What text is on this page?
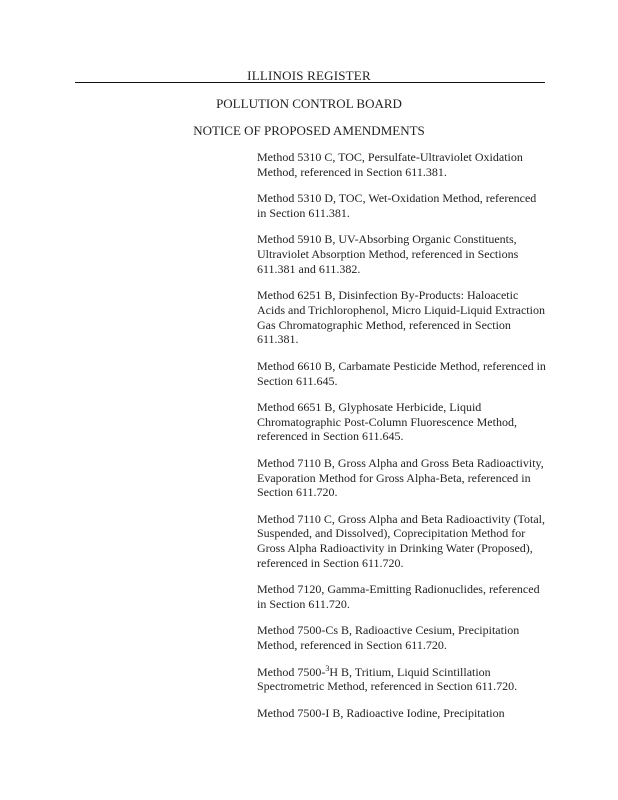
ILLINOIS REGISTER
POLLUTION CONTROL BOARD
NOTICE OF PROPOSED AMENDMENTS
Method 5310 C, TOC, Persulfate-Ultraviolet Oxidation Method, referenced in Section 611.381.
Method 5310 D, TOC, Wet-Oxidation Method, referenced in Section 611.381.
Method 5910 B, UV-Absorbing Organic Constituents, Ultraviolet Absorption Method, referenced in Sections 611.381 and 611.382.
Method 6251 B, Disinfection By-Products: Haloacetic Acids and Trichlorophenol, Micro Liquid-Liquid Extraction Gas Chromatographic Method, referenced in Section 611.381.
Method 6610 B, Carbamate Pesticide Method, referenced in Section 611.645.
Method 6651 B, Glyphosate Herbicide, Liquid Chromatographic Post-Column Fluorescence Method, referenced in Section 611.645.
Method 7110 B, Gross Alpha and Gross Beta Radioactivity, Evaporation Method for Gross Alpha-Beta, referenced in Section 611.720.
Method 7110 C, Gross Alpha and Beta Radioactivity (Total, Suspended, and Dissolved), Coprecipitation Method for Gross Alpha Radioactivity in Drinking Water (Proposed), referenced in Section 611.720.
Method 7120, Gamma-Emitting Radionuclides, referenced in Section 611.720.
Method 7500-Cs B, Radioactive Cesium, Precipitation Method, referenced in Section 611.720.
Method 7500-$^3$H B, Tritium, Liquid Scintillation Spectrometric Method, referenced in Section 611.720.
Method 7500-I B, Radioactive Iodine, Precipitation
